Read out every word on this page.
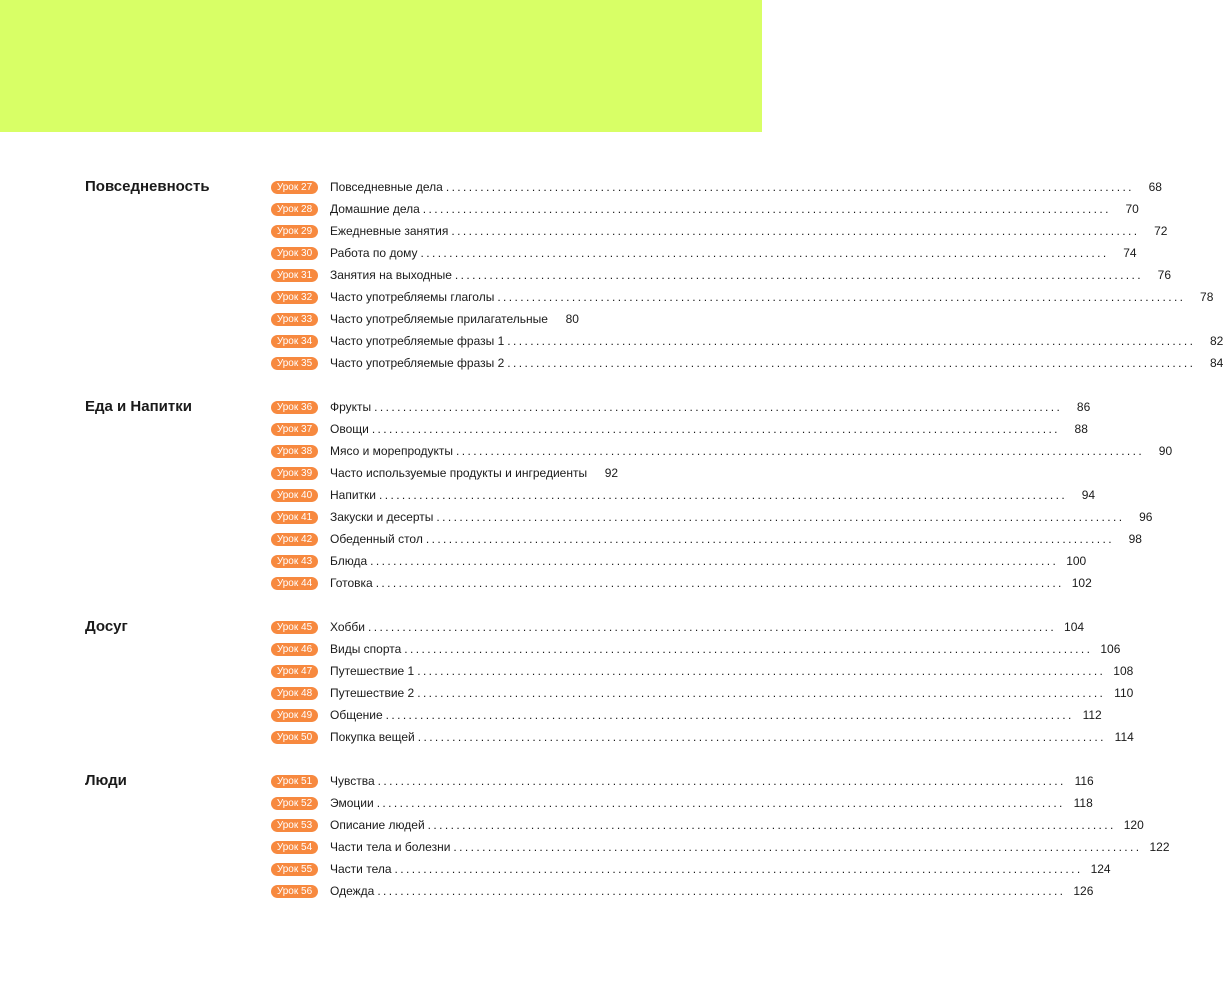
Повседневность	Урок 27	Повседневные дела ........................................................................................................................	68
Урок 28	Домашние дела ........................................................................................................................	70
Урок 29	Ежедневные занятия ........................................................................................................................	72
Урок 30	Работа по дому ........................................................................................................................	74
Урок 31	Занятия на выходные ........................................................................................................................	76
Урок 32	Часто употребляемы глаголы ........................................................................................................................	78
Урок 33	Часто употребляемые прилагательные	80
Урок 34	Часто употребляемые фразы 1 ........................................................................................................................	82
Урок 35	Часто употребляемые фразы 2 ........................................................................................................................	84
Еда и Напитки	Урок 36	Фрукты ........................................................................................................................	86
Урок 37	Овощи ........................................................................................................................	88
Урок 38	Мясо и морепродукты ........................................................................................................................	90
Урок 39	Часто используемые продукты и ингредиенты	92
Урок 40	Напитки ........................................................................................................................	94
Урок 41	Закуски и десерты ........................................................................................................................	96
Урок 42	Обеденный стол ........................................................................................................................	98
Урок 43	Блюда ........................................................................................................................ 100
Урок 44	Готовка ........................................................................................................................ 102
Досуг	Урок 45	Хобби ........................................................................................................................ 104
Урок 46	Виды спорта ........................................................................................................................ 106
Урок 47	Путешествие 1 ........................................................................................................................ 108
Урок 48	Путешествие 2 ........................................................................................................................ 110
Урок 49	Общение ........................................................................................................................ 112
Урок 50	Покупка вещей ........................................................................................................................ 114
Люди	Урок 51	Чувства ........................................................................................................................ 116
Урок 52	Эмоции ........................................................................................................................ 118
Урок 53	Описание людей ........................................................................................................................ 120
Урок 54	Части тела и болезни ........................................................................................................................ 122
Урок 55	Части тела ........................................................................................................................ 124
Урок 56	Одежда ........................................................................................................................ 126
